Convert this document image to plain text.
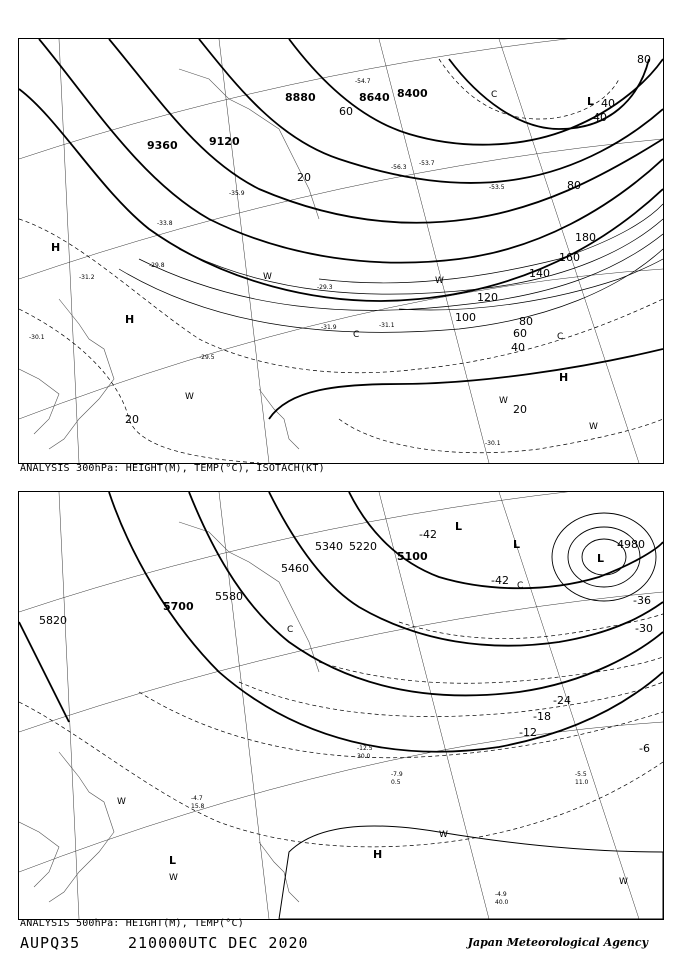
9360	9120
8880	8640 8400
100
120
140
160
180
80
60
40
20
20
40
80
60
20
40
80
-31.2
-29.8
-33.8
-35.9
-53.7
-56.3
-31.1
-29.3
-30.1
-30.1
-29.5
-31.9
-53.5
-54.7
H
H
L
H
W
W
W
W
W
C
C
C
ANALYSIS 300hPa: HEIGHT(M), TEMP(°C), ISOTACH(KT)
5700
5580
5460
5340 5220
5100
4980
5820
-42
-42
-36
-30
-24
-18
-12
-6
-4.9
40.0
-5.5
11.0
-7.9
0.5
-4.7
15.8
-12.5
30.0
L
L
L
H
L
W
W
W
W
C
C
ANALYSIS 500hPa: HEIGHT(M), TEMP(°C)
AUPQ35	210000UTC DEC 2020	Japan Meteorological Agency
